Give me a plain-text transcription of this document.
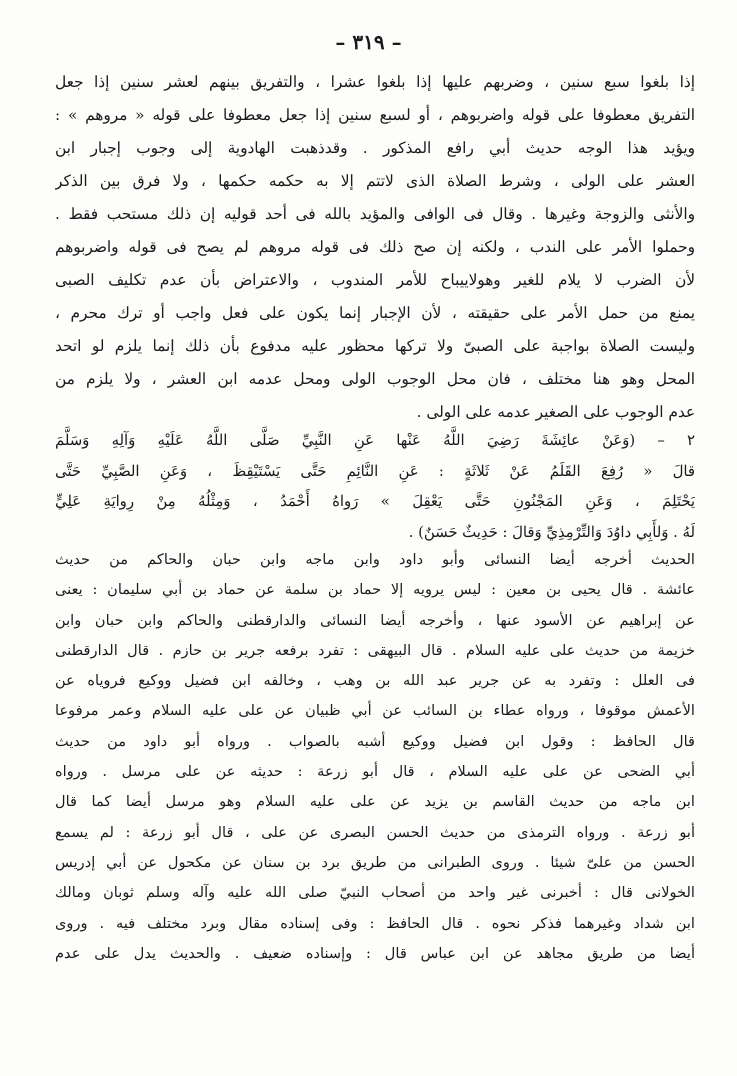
– ٣١٩ –
إذا بلغوا سبع سنين ، وضربهم عليها إذا بلغوا عشرا ، والتفريق بينهم لعشر سنين إذا جعل
التفريق معطوفا على قوله واضربوهم ، أو لسبع سنين إذا جعل معطوفا على قوله « مروهم » :
ويؤيد هذا الوجه حديث أبي رافع المذكور . وقدذهبت الهادوية إلى وجوب إجبار ابن
العشر على الولى ، وشرط الصلاة الذى لاتتم إلا به حكمه حكمها ، ولا فرق بين الذكر
والأنثى والزوجة وغيرها . وقال فى الوافى والمؤيد بالله فى أحد قوليه إن ذلك مستحب فقط .
وحملوا الأمر على الندب ، ولكنه إن صح ذلك فى قوله مروهم لم يصح فى قوله واضربوهم
لأن الضرب لا يلام للغير وهولاييباح للأمر المندوب ، والاعتراض بأن عدم تكليف الصبى
يمنع من حمل الأمر على حقيقته ، لأن الإجبار إنما يكون على فعل واجب أو ترك محرم ،
وليست الصلاة بواجبة على الصبىّ ولا تركها محظور عليه مدفوع بأن ذلك إنما يلزم لو اتحد
المحل وهو هنا مختلف ، فان محل الوجوب الولى ومحل عدمه ابن العشر ، ولا يلزم من
عدم الوجوب على الصغير عدمه على الولى .
٢ – (وَعَنْ عائِشَةَ رَضِيَ اللَّهُ عَنْها عَنِ النَّبِيِّ صَلَّى اللَّهُ عَلَيْهِ وَآلِهِ وَسَلَّمَ
قالَ « رُفِعَ القَلَمُ عَنْ ثَلاثَةٍ : عَنِ النَّائِمِ حَتَّى يَسْتَيْقِظَ ، وَعَنِ الصَّبِيِّ حَتَّى
يَحْتَلِمَ ، وَعَنِ المَجْنُونِ حَتَّى يَعْقِلَ » رَواهُ أَحْمَدُ ، وَمِثْلُهُ مِنْ رِوايَةِ عَلِيٍّ
لَهُ . وَلأَبِي داوُدَ وَالتِّرْمِذِيِّ وَقالَ : حَدِيثٌ حَسَنٌ) .
الحديث أخرجه أيضا النسائى وأبو داود وابن ماجه وابن حبان والحاكم من حديث
عائشة . قال يحيى بن معين : ليس يرويه إلا حماد بن سلمة عن حماد بن أبي سليمان : يعنى
عن إبراهيم عن الأسود عنها ، وأخرجه أيضا النسائى والدارقطنى والحاكم وابن حبان وابن
خزيمة من حديث على عليه السلام . قال البيهقى : تفرد برفعه جرير بن حازم . قال الدارقطنى
فى العلل : وتفرد به عن جرير عبد الله بن وهب ، وخالفه ابن فضيل ووكيع فروياه عن
الأعمش موقوفا ، ورواه عطاء بن السائب عن أبي ظبيان عن على عليه السلام وعمر مرفوعا
قال الحافظ : وقول ابن فضيل ووكيع أشبه بالصواب . ورواه أبو داود من حديث
أبي الضحى عن على عليه السلام ، قال أبو زرعة : حديثه عن على مرسل . ورواه
ابن ماجه من حديث القاسم بن يزيد عن على عليه السلام وهو مرسل أيضا كما قال
أبو زرعة . ورواه الترمذى من حديث الحسن البصرى عن على ، قال أبو زرعة : لم يسمع
الحسن من علىّ شيئا . وروى الطبرانى من طريق برد بن سنان عن مكحول عن أبي إدريس
الخولانى قال : أخبرنى غير واحد من أصحاب النبيّ صلى الله عليه وآله وسلم ثوبان ومالك
ابن شداد وغيرهما فذكر نحوه . قال الحافظ : وفى إسناده مقال وبرد مختلف فيه . وروى
أيضا من طريق مجاهد عن ابن عباس قال : وإسناده ضعيف . والحديث يدل على عدم
